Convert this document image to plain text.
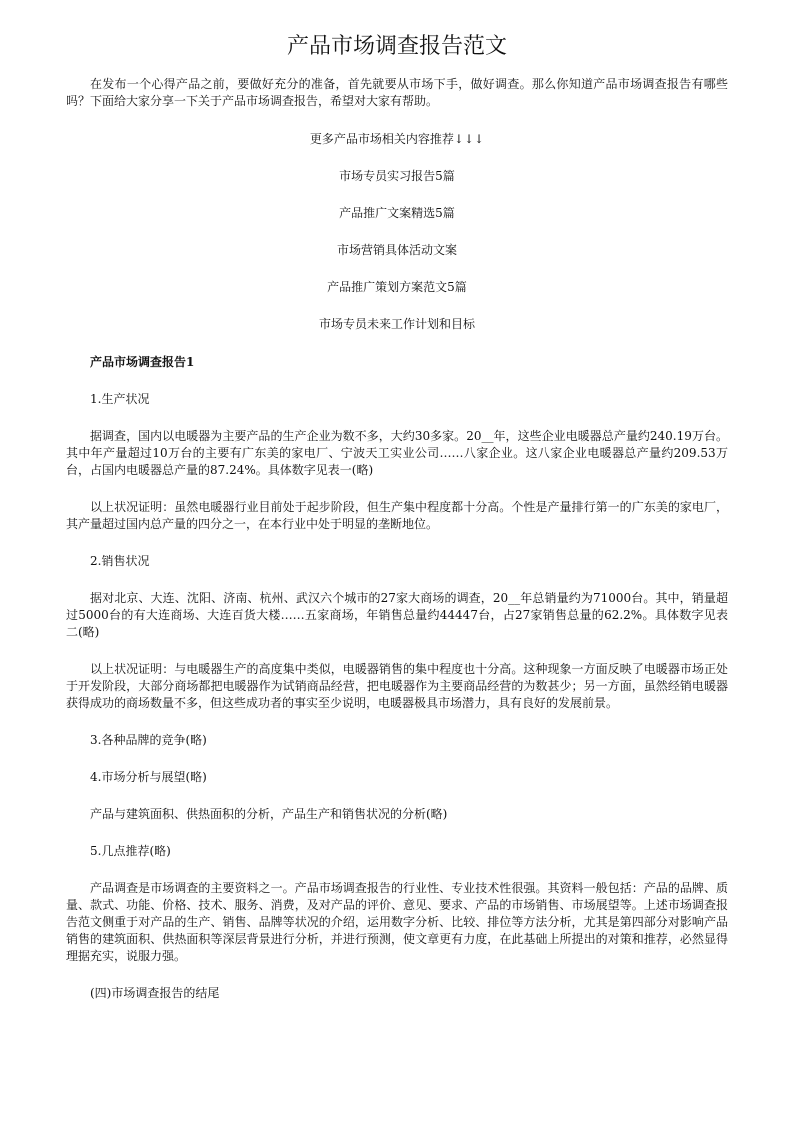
产品市场调查报告范文

在发布一个心得产品之前，要做好充分的准备，首先就要从市场下手，做好调查。那么你知道产品市场调查报告有哪些吗？下面给大家分享一下关于产品市场调查报告，希望对大家有帮助。

更多产品市场相关内容推荐↓↓↓

市场专员实习报告5篇

产品推广文案精选5篇

市场营销具体活动文案

产品推广策划方案范文5篇

市场专员未来工作计划和目标

产品市场调查报告1

1.生产状况

据调查，国内以电暖器为主要产品的生产企业为数不多，大约30多家。20__年，这些企业电暖器总产量约240.19万台。其中年产量超过10万台的主要有广东美的家电厂、宁波天工实业公司……八家企业。这八家企业电暖器总产量约209.53万台，占国内电暖器总产量的87.24%。具体数字见表一(略)

以上状况证明：虽然电暖器行业目前处于起步阶段，但生产集中程度都十分高。个性是产量排行第一的广东美的家电厂，其产量超过国内总产量的四分之一，在本行业中处于明显的垄断地位。

2.销售状况

据对北京、大连、沈阳、济南、杭州、武汉六个城市的27家大商场的调查，20__年总销量约为71000台。其中，销量超过5000台的有大连商场、大连百货大楼……五家商场，年销售总量约44447台，占27家销售总量的62.2%。具体数字见表二(略)

以上状况证明：与电暖器生产的高度集中类似，电暖器销售的集中程度也十分高。这种现象一方面反映了电暖器市场正处于开发阶段，大部分商场都把电暖器作为试销商品经营，把电暖器作为主要商品经营的为数甚少；另一方面，虽然经销电暖器获得成功的商场数量不多，但这些成功者的事实至少说明，电暖器极具市场潜力，具有良好的发展前景。

3.各种品牌的竞争(略)

4.市场分析与展望(略)

产品与建筑面积、供热面积的分析，产品生产和销售状况的分析(略)

5.几点推荐(略)

产品调查是市场调查的主要资料之一。产品市场调查报告的行业性、专业技术性很强。其资料一般包括：产品的品牌、质量、款式、功能、价格、技术、服务、消费，及对产品的评价、意见、要求、产品的市场销售、市场展望等。上述市场调查报告范文侧重于对产品的生产、销售、品牌等状况的介绍，运用数字分析、比较、排位等方法分析，尤其是第四部分对影响产品销售的建筑面积、供热面积等深层背景进行分析，并进行预测，使文章更有力度，在此基础上所提出的对策和推荐，必然显得理据充实，说服力强。

(四)市场调查报告的结尾
